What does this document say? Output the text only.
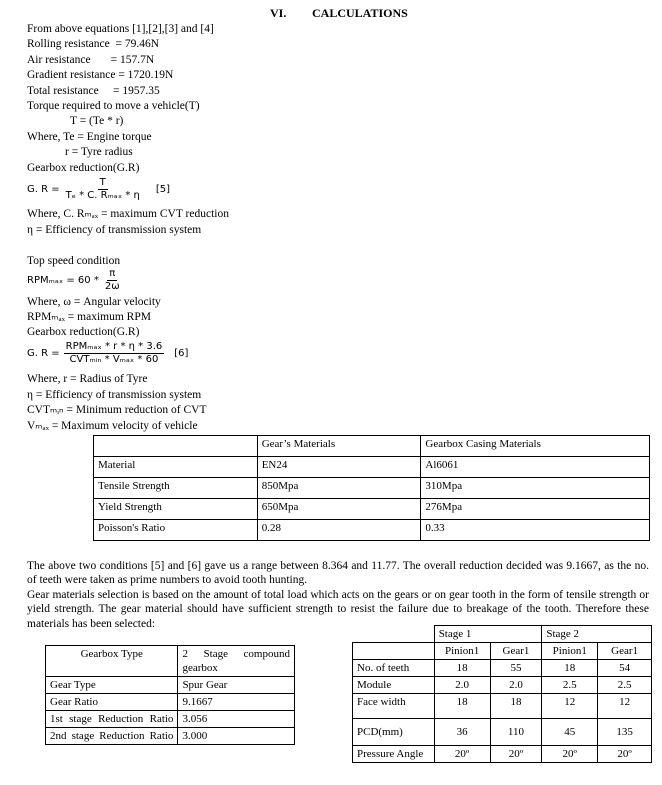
VI. CALCULATIONS
From above equations [1],[2],[3] and [4]
Rolling resistance  = 79.46N
Air resistance       = 157.7N
Gradient resistance = 1720.19N
Total resistance     = 1957.35
Torque required to move a vehicle(T)
T = (Te * r)
Where, Te = Engine torque
r = Tyre radius
Gearbox reduction(G.R)
G. $R = \frac{T}{\text{Tₑ * C. Rₘₐₓ * η}} [5]$
Where, C. Rₘₐₓ = maximum CVT reduction
η = Efficiency of transmission system
Top speed condition
$RPM_{max} = 60 * \frac{\pi}{2\omega}$
Where, ω = Angular velocity
RPMₘₐₓ = maximum RPM
Gearbox reduction(G.R)
G. $R = \frac{\text{RPMₘₐₓ * r * η * 3.6}}{\text{CVTₘᵢₙ * Vₘₐₓ * 60}} [6]$
Where, r = Radius of Tyre
η = Efficiency of transmission system
CVTₘᵢₙ = Minimum reduction of CVT
Vₘₐₓ = Maximum velocity of vehicle
	Gear’s Materials	Gearbox Casing Materials
Material	EN24	Al6061
Tensile Strength	850Mpa	310Mpa
Yield Strength	650Mpa	276Mpa
Poisson's Ratio	0.28	0.33
The above two conditions [5] and [6] gave us a range between 8.364 and 11.77. The overall reduction decided was 9.1667, as the no. of teeth were taken as prime numbers to avoid tooth hunting.
Gear materials selection is based on the amount of total load which acts on the gears or on gear tooth in the form of tensile strength or yield strength. The gear material should have sufficient strength to resist the failure due to breakage of the tooth. Therefore these materials has been selected:
Gearbox Type	2 Stage compound gearbox
Gear Type	Spur Gear
Gear Ratio	9.1667
1st stage Reduction Ratio	3.056
2nd stage Reduction Ratio	3.000
	Stage 1		Stage 2	
	Pinion1	Gear1	Pinion1	Gear1
No. of teeth	18	55	18	54
Module	2.0	2.0	2.5	2.5
Face width	18	18	12	12
PCD(mm)	36	110	45	135
Pressure Angle	20º	20º	20º	20º
